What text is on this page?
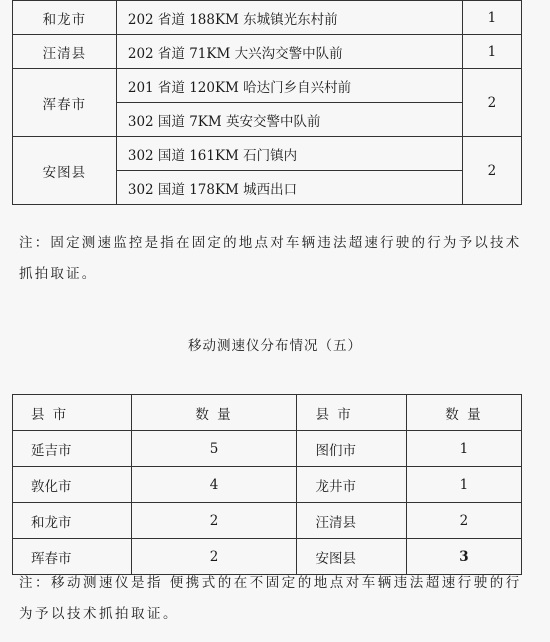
和龙市	202 省道 188KM 东城镇光东村前	1
汪清县	202 省道 71KM 大兴沟交警中队前	1
浑春市	201 省道 120KM 哈达门乡自兴村前	2
	302 国道 7KM 英安交警中队前	
安图县	302 国道 161KM 石门镇内	2
	302 国道 178KM 城西出口	
注：固定测速监控是指在固定的地点对车辆违法超速行驶的行为予以技术抓拍取证。
移动测速仪分布情况（五）
县 市	数 量	县 市	数 量
延吉市	5	图们市	1
敦化市	4	龙井市	1
和龙市	2	汪清县	2
珲春市	2	安图县	3
注：移动测速仪是指 便携式的在不固定的地点对车辆违法超速行驶的行为予以技术抓拍取证。
